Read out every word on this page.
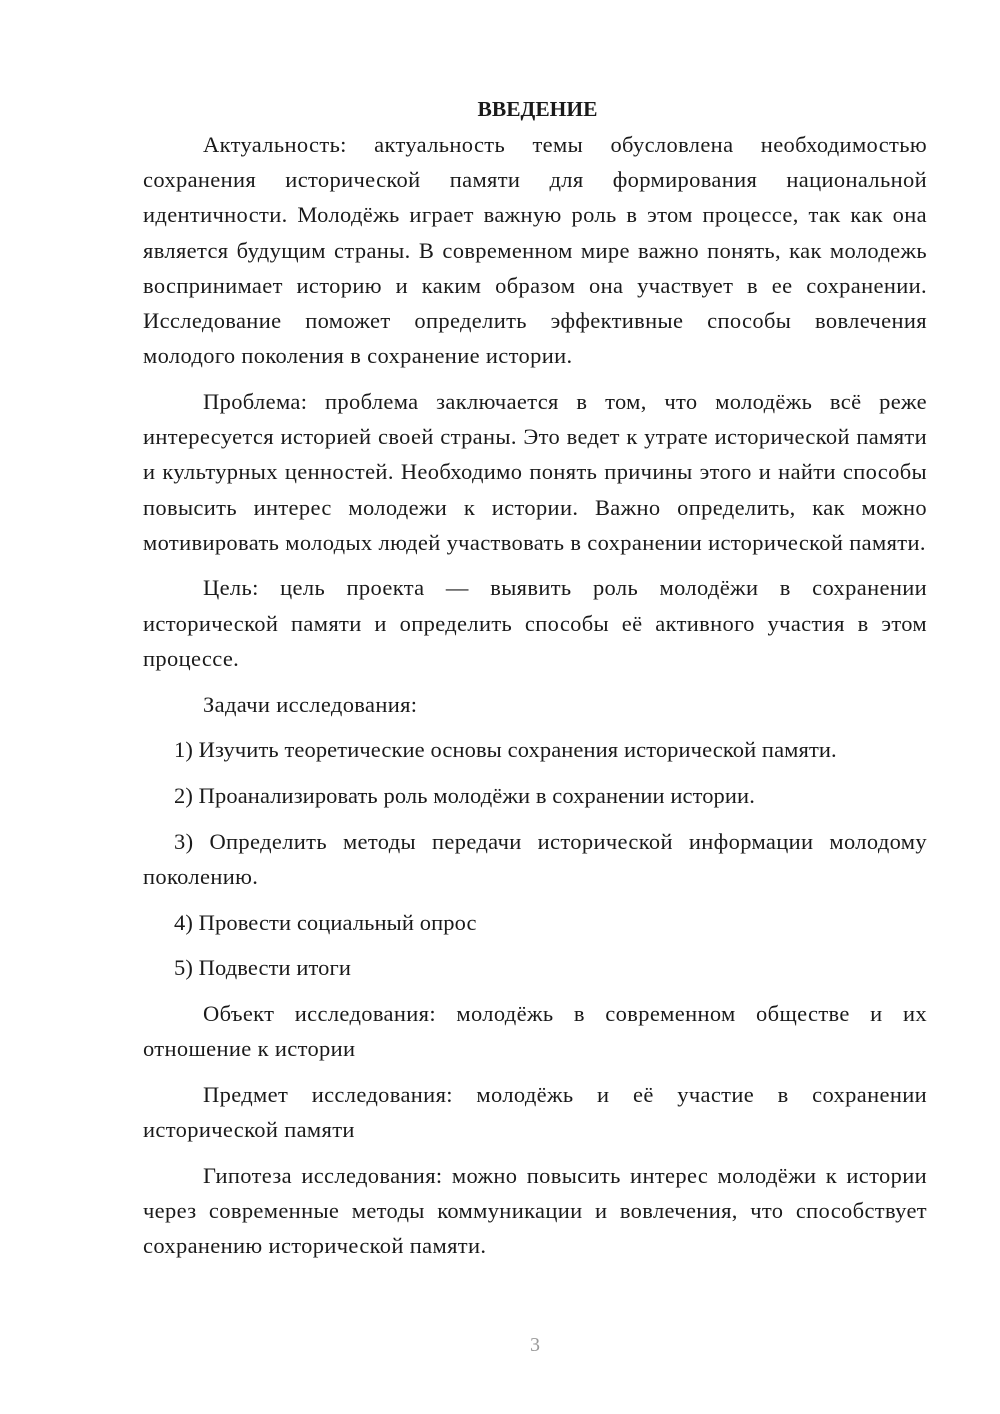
ВВЕДЕНИЕ

Актуальность: актуальность темы обусловлена необходимостью сохранения исторической памяти для формирования национальной идентичности. Молодёжь играет важную роль в этом процессе, так как она является будущим страны. В современном мире важно понять, как молодежь воспринимает историю и каким образом она участвует в ее сохранении. Исследование поможет определить эффективные способы вовлечения молодого поколения в сохранение истории.

Проблема: проблема заключается в том, что молодёжь всё реже интересуется историей своей страны. Это ведет к утрате исторической памяти и культурных ценностей. Необходимо понять причины этого и найти способы повысить интерес молодежи к истории. Важно определить, как можно мотивировать молодых людей участвовать в сохранении исторической памяти.

Цель: цель проекта — выявить роль молодёжи в сохранении исторической памяти и определить способы её активного участия в этом процессе.

Задачи исследования:

1) Изучить теоретические основы сохранения исторической памяти.

2) Проанализировать роль молодёжи в сохранении истории.

3) Определить методы передачи исторической информации молодому поколению.

4) Провести социальный опрос

5) Подвести итоги

Объект исследования: молодёжь в современном обществе и их отношение к истории

Предмет исследования: молодёжь и её участие в сохранении исторической памяти

Гипотеза исследования: можно повысить интерес молодёжи к истории через современные методы коммуникации и вовлечения, что способствует сохранению исторической памяти.

3
